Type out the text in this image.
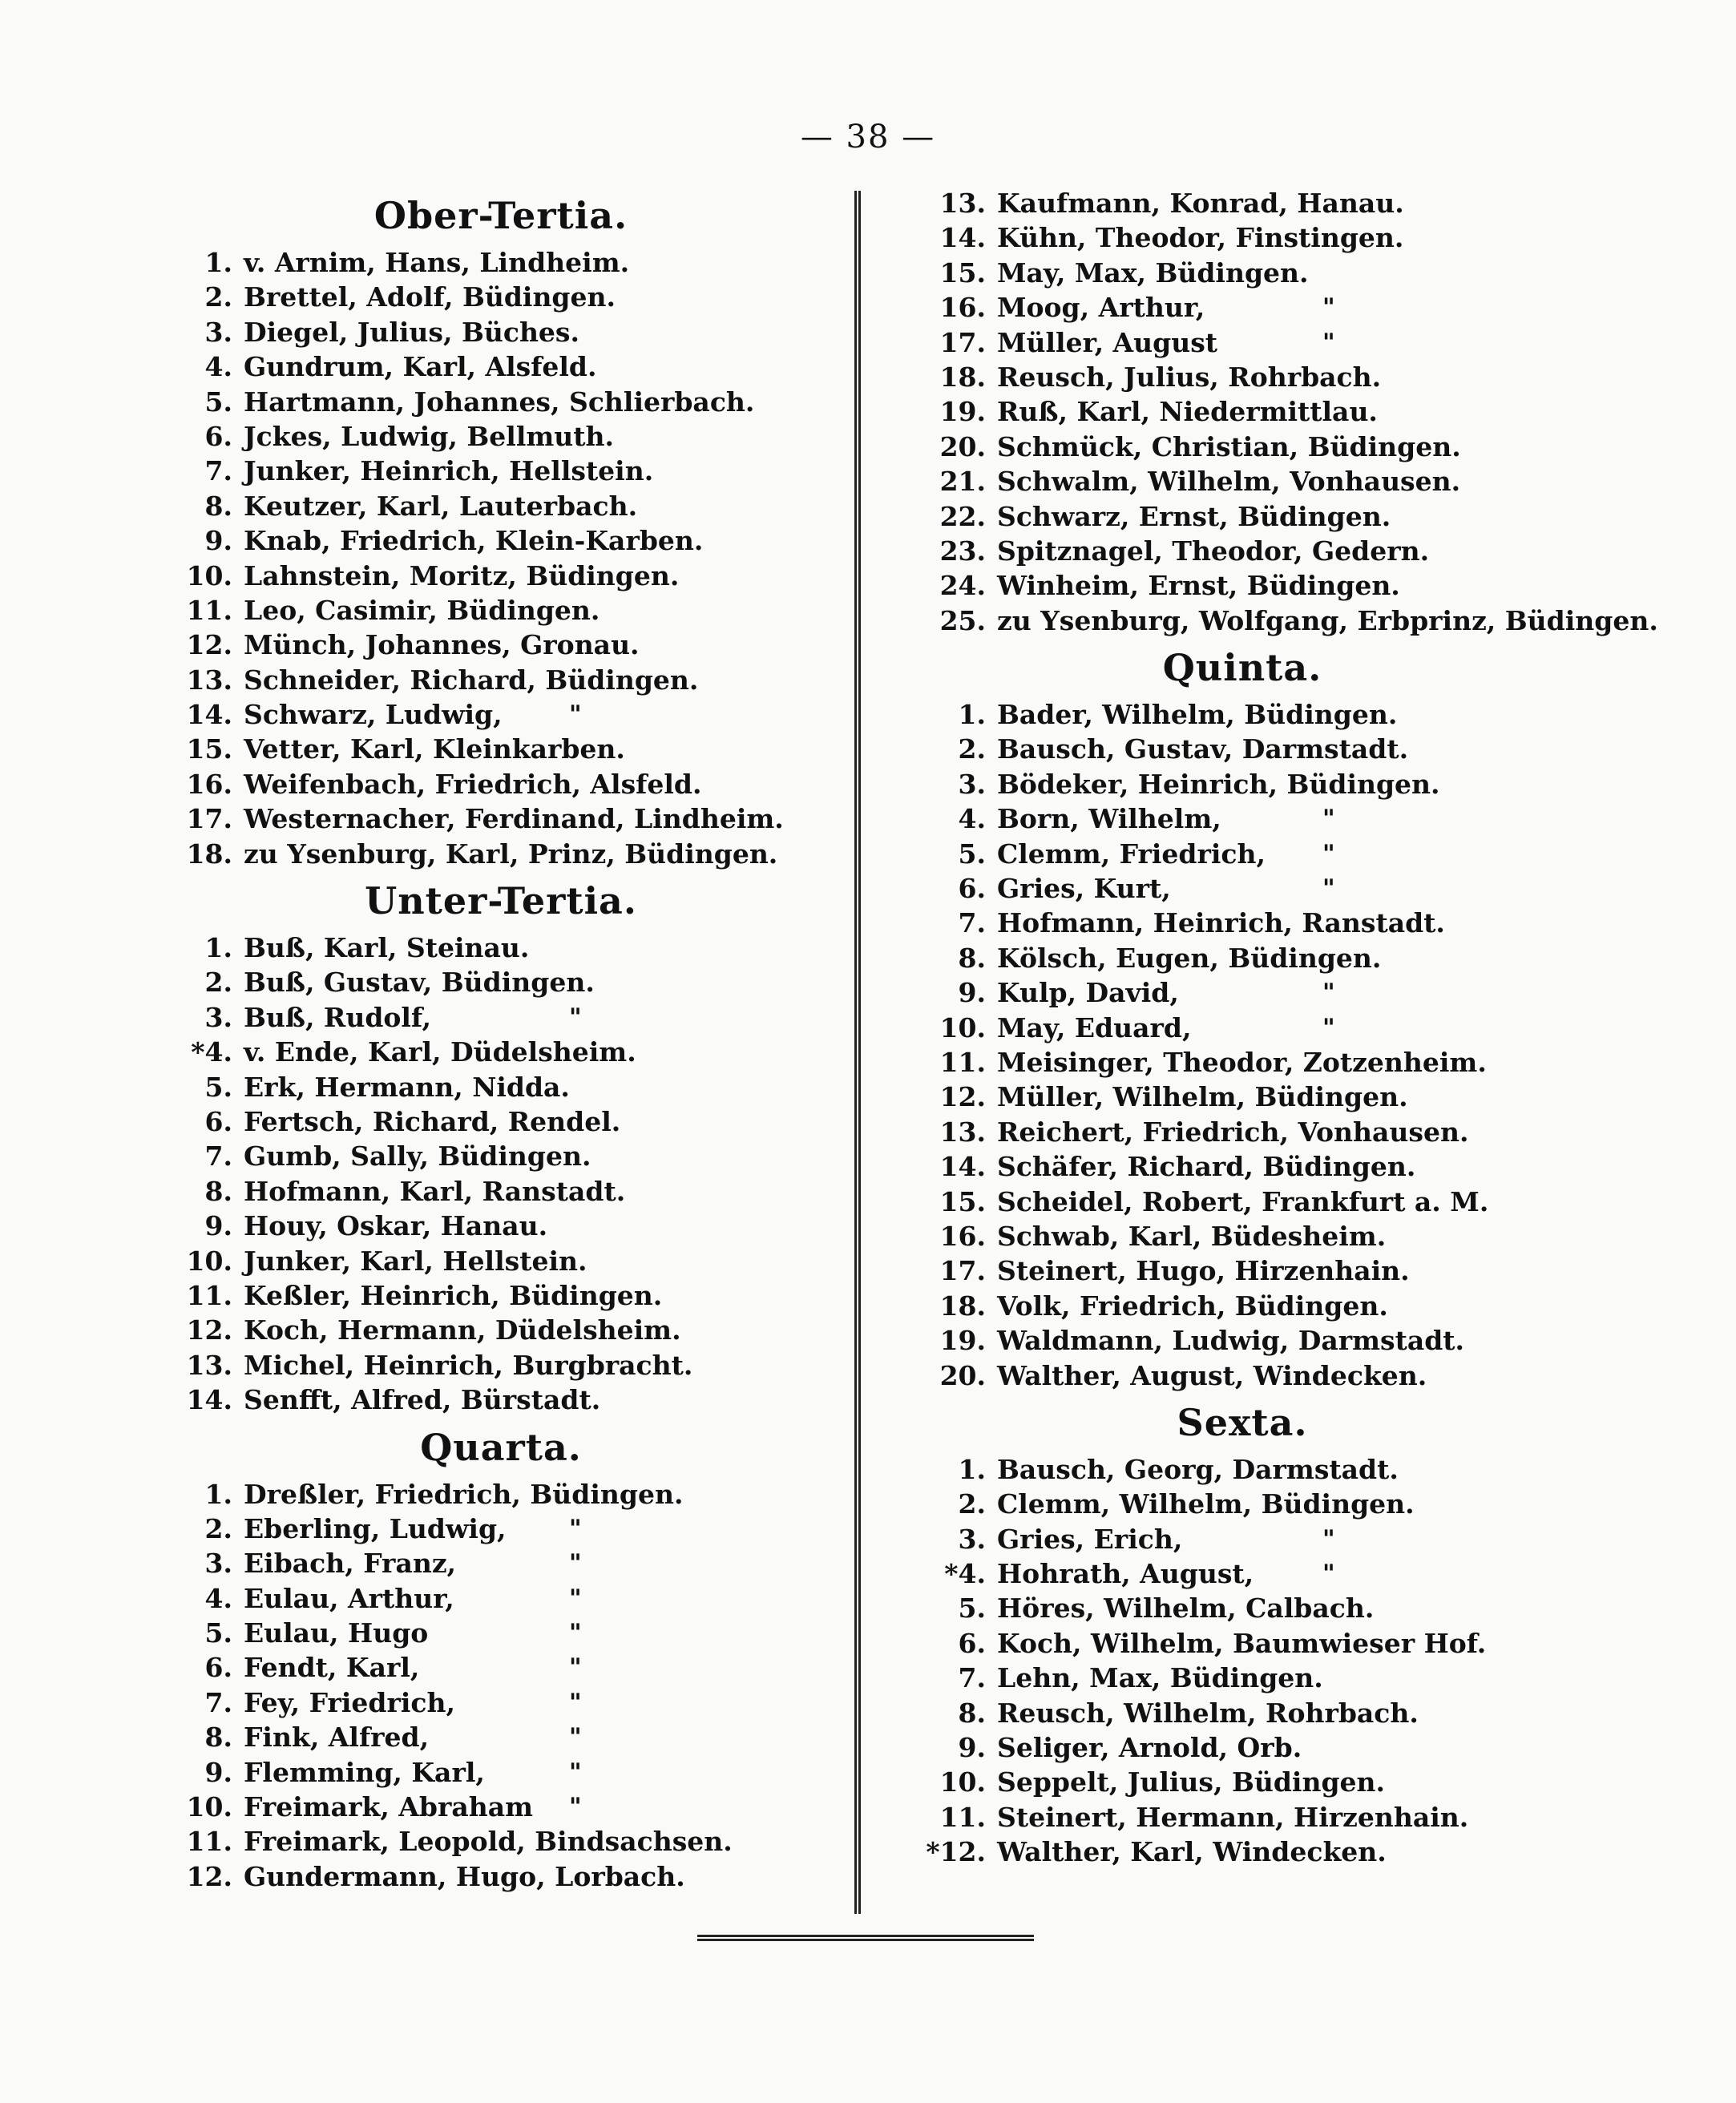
— 38 —
Ober-Tertia.
1. v. Arnim, Hans, Lindheim.
2. Brettel, Adolf, Büdingen.
3. Diegel, Julius, Büches.
4. Gundrum, Karl, Alsfeld.
5. Hartmann, Johannes, Schlierbach.
6. Jckes, Ludwig, Bellmuth.
7. Junker, Heinrich, Hellstein.
8. Keutzer, Karl, Lauterbach.
9. Knab, Friedrich, Klein-Karben.
10. Lahnstein, Moritz, Büdingen.
11. Leo, Casimir, Büdingen.
12. Münch, Johannes, Gronau.
13. Schneider, Richard, Büdingen.
14. Schwarz, Ludwig,	"
15. Vetter, Karl, Kleinkarben.
16. Weifenbach, Friedrich, Alsfeld.
17. Westernacher, Ferdinand, Lindheim.
18. zu Ysenburg, Karl, Prinz, Büdingen.
Unter-Tertia.
1. Buß, Karl, Steinau.
2. Buß, Gustav, Büdingen.
3. Buß, Rudolf,	"
*4. v. Ende, Karl, Düdelsheim.
5. Erk, Hermann, Nidda.
6. Fertsch, Richard, Rendel.
7. Gumb, Sally, Büdingen.
8. Hofmann, Karl, Ranstadt.
9. Houy, Oskar, Hanau.
10. Junker, Karl, Hellstein.
11. Keßler, Heinrich, Büdingen.
12. Koch, Hermann, Düdelsheim.
13. Michel, Heinrich, Burgbracht.
14. Senfft, Alfred, Bürstadt.
Quarta.
1. Dreßler, Friedrich, Büdingen.
2. Eberling, Ludwig,	"
3. Eibach, Franz,	"
4. Eulau, Arthur,	"
5. Eulau, Hugo	"
6. Fendt, Karl,	"
7. Fey, Friedrich,	"
8. Fink, Alfred,	"
9. Flemming, Karl,	"
10. Freimark, Abraham "
11. Freimark, Leopold, Bindsachsen.
12. Gundermann, Hugo, Lorbach.
13. Kaufmann, Konrad, Hanau.
14. Kühn, Theodor, Finstingen.
15. May, Max, Büdingen.
16. Moog, Arthur,	"
17. Müller, August	"
18. Reusch, Julius, Rohrbach.
19. Ruß, Karl, Niedermittlau.
20. Schmück, Christian, Büdingen.
21. Schwalm, Wilhelm, Vonhausen.
22. Schwarz, Ernst, Büdingen.
23. Spitznagel, Theodor, Gedern.
24. Winheim, Ernst, Büdingen.
25. zu Ysenburg, Wolfgang, Erbprinz, Büdingen.
Quinta.
1. Bader, Wilhelm, Büdingen.
2. Bausch, Gustav, Darmstadt.
3. Bödeker, Heinrich, Büdingen.
4. Born, Wilhelm,	"
5. Clemm, Friedrich, "
6. Gries, Kurt,	"
7. Hofmann, Heinrich, Ranstadt.
8. Kölsch, Eugen, Büdingen.
9. Kulp, David,	"
10. May, Eduard,	"
11. Meisinger, Theodor, Zotzenheim.
12. Müller, Wilhelm, Büdingen.
13. Reichert, Friedrich, Vonhausen.
14. Schäfer, Richard, Büdingen.
15. Scheidel, Robert, Frankfurt a. M.
16. Schwab, Karl, Büdesheim.
17. Steinert, Hugo, Hirzenhain.
18. Volk, Friedrich, Büdingen.
19. Waldmann, Ludwig, Darmstadt.
20. Walther, August, Windecken.
Sexta.
1. Bausch, Georg, Darmstadt.
2. Clemm, Wilhelm, Büdingen.
3. Gries, Erich,	"
*4. Hohrath, August,	"
5. Höres, Wilhelm, Calbach.
6. Koch, Wilhelm, Baumwieser Hof.
7. Lehn, Max, Büdingen.
8. Reusch, Wilhelm, Rohrbach.
9. Seliger, Arnold, Orb.
10. Seppelt, Julius, Büdingen.
11. Steinert, Hermann, Hirzenhain.
*12. Walther, Karl, Windecken.
